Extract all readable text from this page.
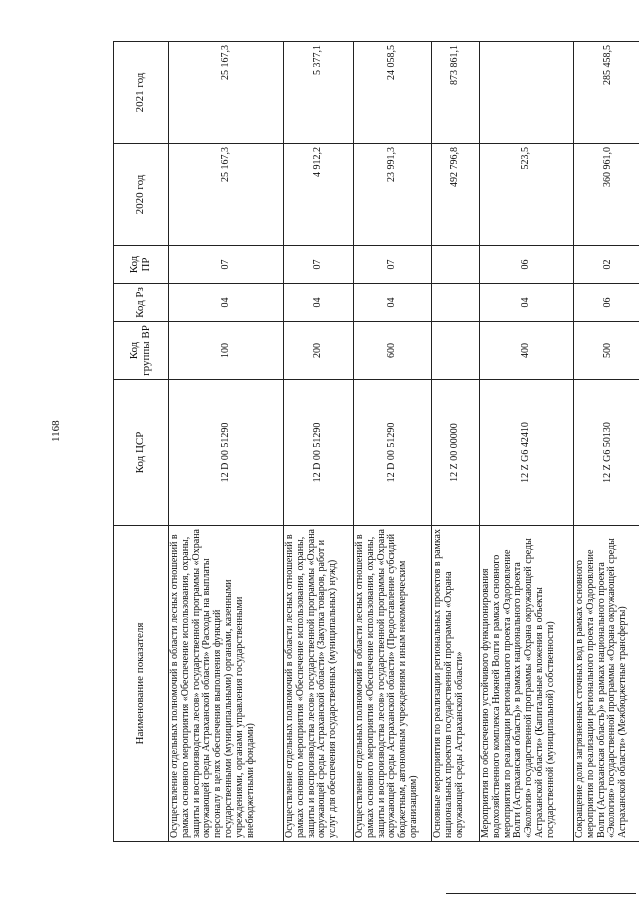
1168
Наименование показателя	Код ЦСР	Код группы ВР	Код Рз	Код ПР	2020 год	2021 год
Осуществление отдельных полномочий в области лесных отношений в рамках основного мероприятия «Обеспечение использования, охраны, защиты и воспроизводства лесов» государственной программы «Охрана окружающей среды Астраханской области» (Расходы на выплаты персоналу в целях обеспечения выполнения функций государственными (муниципальными) органами, казенными учреждениями, органами управления государственными внебюджетными фондами)	12 D 00 51290	100	04	07	25 167,3	25 167,3
Осуществление отдельных полномочий в области лесных отношений в рамках основного мероприятия «Обеспечение использования, охраны, защиты и воспроизводства лесов» государственной программы «Охрана окружающей среды Астраханской области» (Закупка товаров, работ и услуг для обеспечения государственных (муниципальных) нужд)	12 D 00 51290	200	04	07	4 912,2	5 377,1
Осуществление отдельных полномочий в области лесных отношений в рамках основного мероприятия «Обеспечение использования, охраны, защиты и воспроизводства лесов» государственной программы «Охрана окружающей среды Астраханской области» (Предоставление субсидий бюджетным, автономным учреждениям и иным некоммерческим организациям)	12 D 00 51290	600	04	07	23 991,3	24 058,5
Основные мероприятия по реализации региональных проектов в рамках национальных проектов государственной программы «Охрана окружающей среды Астраханской области»	12 Z 00 00000				492 796,8	873 861,1
Мероприятия по обеспечению устойчивого функционирования водохозяйственного комплекса Нижней Волги в рамках основного мероприятия по реализации регионального проекта «Оздоровление Волги (Астраханская область)» в рамках национального проекта «Экология» государственной программы «Охрана окружающей среды Астраханской области» (Капитальные вложения в объекты государственной (муниципальной) собственности)	12 Z G6 42410	400	04	06	523,5	
Сокращение доли загрязненных сточных вод в рамках основного мероприятия по реализации регионального проекта «Оздоровление Волги (Астраханская область)» в рамках национального проекта «Экология» государственной программы «Охрана окружающей среды Астраханской области» (Межбюджетные трансферты)	12 Z G6 50130	500	06	02	360 961,0	285 458,5
